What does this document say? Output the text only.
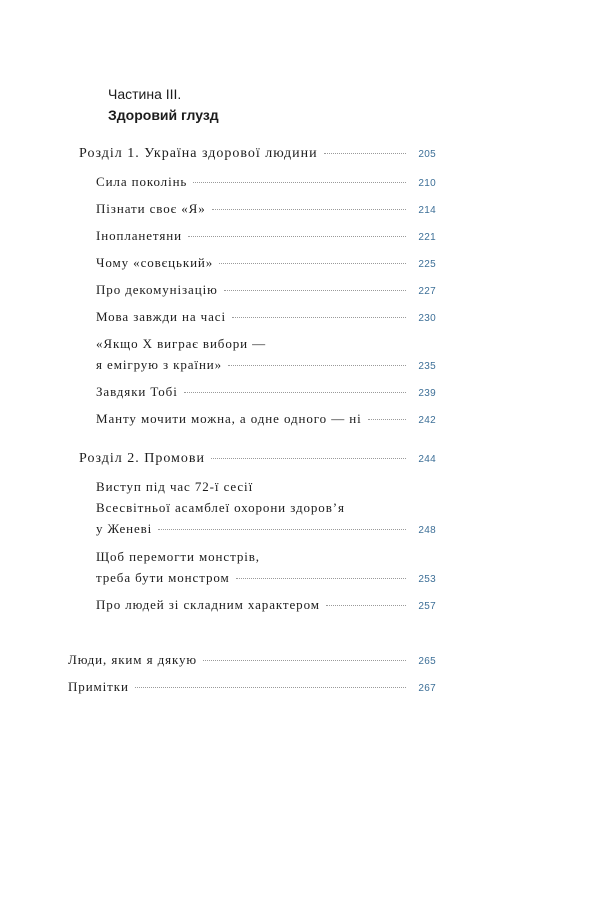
Частина III.
Здоровий глузд
Розділ 1. Україна здорової людини	205
Сила поколінь	210
Пізнати своє «Я»	214
Інопланетяни	221
Чому «совєцький»	225
Про декомунізацію	227
Мова завжди на часі	230
«Якщо Х виграє вибори —
я емігрую з країни»	235
Завдяки Тобі	239
Манту мочити можна, а одне одного — ні	242
Розділ 2. Промови	244
Виступ під час 72-ї сесії
Всесвітньої асамблеї охорони здоров’я
у Женеві	248
Щоб перемогти монстрів,
треба бути монстром	253
Про людей зі складним характером	257
Люди, яким я дякую	265
Примітки	267
